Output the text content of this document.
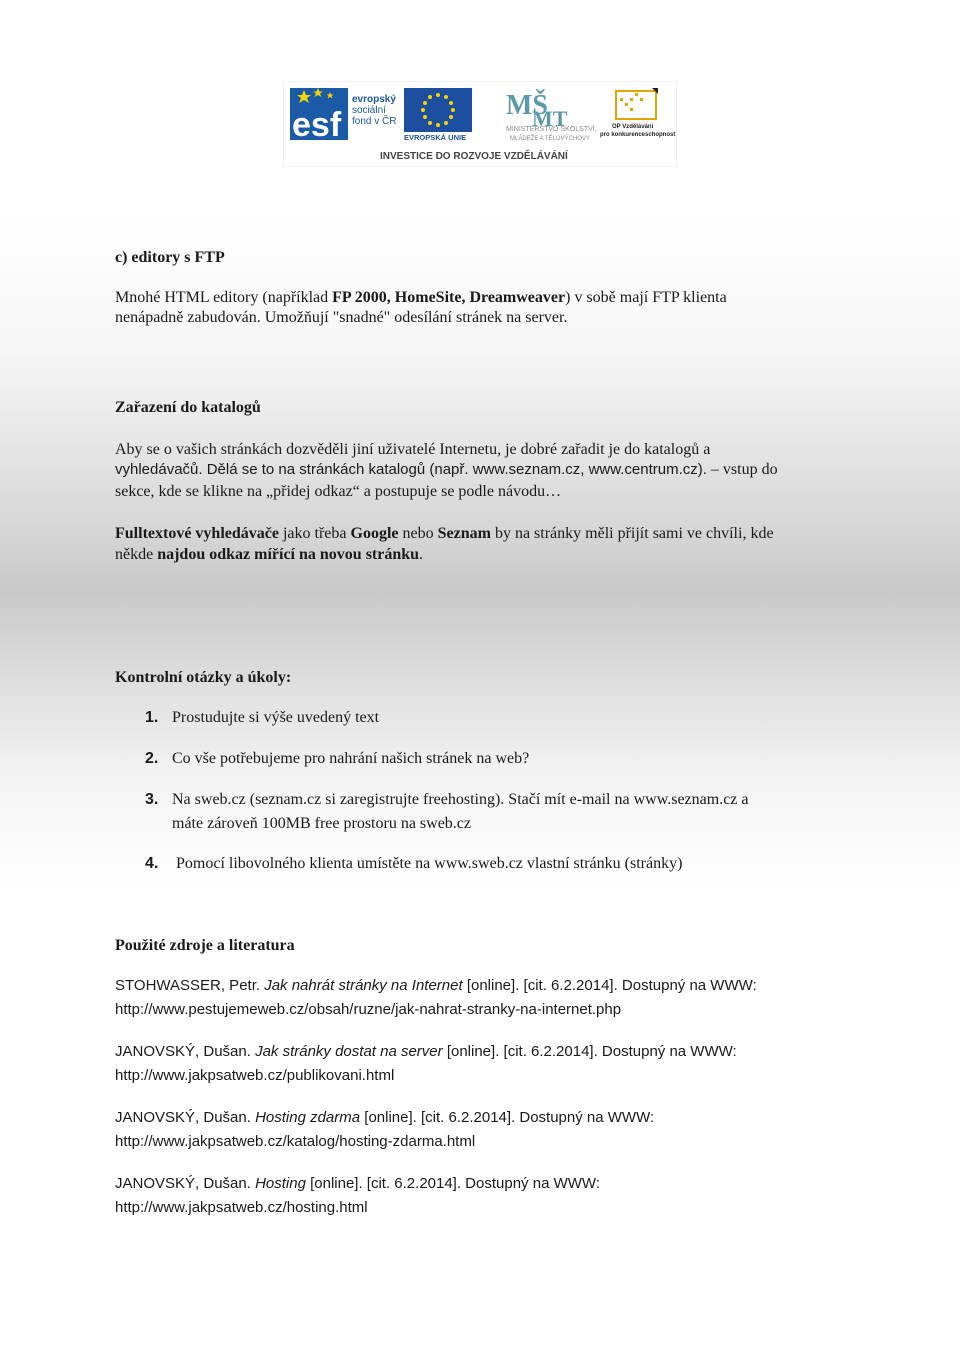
esf
evropský
sociální
fond v ČR
EVROPSKÁ UNIE
MŠ
MT
MINISTERSTVO ŠKOLSTVÍ,
MLÁDEŽE A TĚLOVÝCHOVY
OP Vzdělávání
pro konkurenceschopnost
INVESTICE DO ROZVOJE VZDĚLÁVÁNÍ
c) editory s FTP
Mnohé HTML editory (například FP 2000, HomeSite, Dreamweaver) v sobě mají FTP klienta
nenápadně zabudován. Umožňují "snadné" odesílání stránek na server.
Zařazení do katalogů
Aby se o vašich stránkách dozvěděli jiní uživatelé Internetu, je dobré zařadit je do katalogů a
vyhledávačů. Dělá se to na stránkách katalogů (např. www.seznam.cz, www.centrum.cz). – vstup do
sekce, kde se klikne na „přidej odkaz“ a postupuje se podle návodu…
Fulltextové vyhledávače jako třeba Google nebo Seznam by na stránky měli přijít sami ve chvíli, kde
někde najdou odkaz mířící na novou stránku.
Kontrolní otázky a úkoly:
1. Prostudujte si výše uvedený text
2. Co vše potřebujeme pro nahrání našich stránek na web?
3. Na sweb.cz (seznam.cz si zaregistrujte freehosting). Stačí mít e-mail na www.seznam.cz a
máte zároveň 100MB free prostoru na sweb.cz
4. Pomocí libovolného klienta umístěte na www.sweb.cz vlastní stránku (stránky)
Použité zdroje a literatura
STOHWASSER, Petr. Jak nahrát stránky na Internet [online]. [cit. 6.2.2014]. Dostupný na WWW:
http://www.pestujemeweb.cz/obsah/ruzne/jak-nahrat-stranky-na-internet.php
JANOVSKÝ, Dušan. Jak stránky dostat na server [online]. [cit. 6.2.2014]. Dostupný na WWW:
http://www.jakpsatweb.cz/publikovani.html
JANOVSKÝ, Dušan. Hosting zdarma [online]. [cit. 6.2.2014]. Dostupný na WWW:
http://www.jakpsatweb.cz/katalog/hosting-zdarma.html
JANOVSKÝ, Dušan. Hosting [online]. [cit. 6.2.2014]. Dostupný na WWW:
http://www.jakpsatweb.cz/hosting.html
